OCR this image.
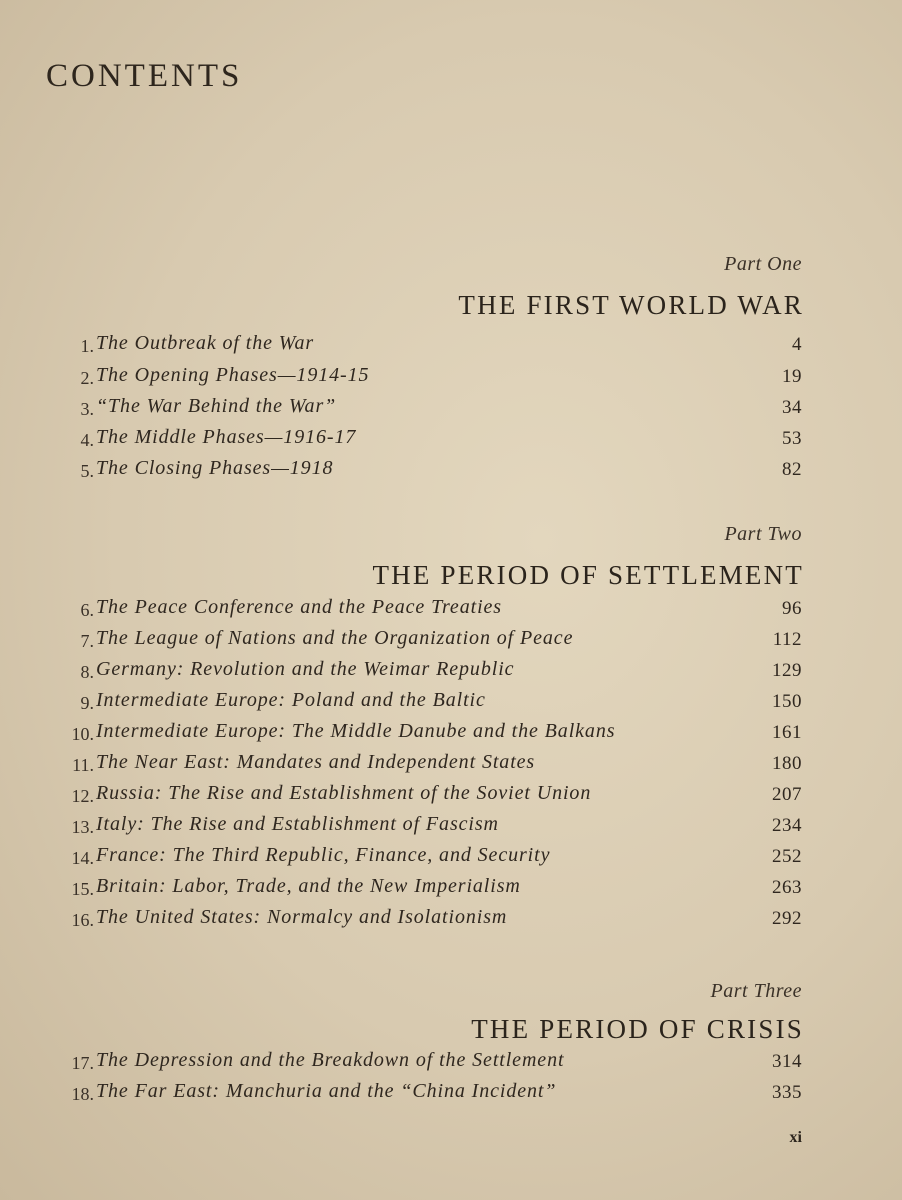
CONTENTS
Part One
THE FIRST WORLD WAR
1. The Outbreak of the War	4
2. The Opening Phases—1914-15	19
3. “The War Behind the War”	34
4. The Middle Phases—1916-17	53
5. The Closing Phases—1918	82
Part Two
THE PERIOD OF SETTLEMENT
6. The Peace Conference and the Peace Treaties	96
7. The League of Nations and the Organization of Peace	112
8. Germany: Revolution and the Weimar Republic	129
9. Intermediate Europe: Poland and the Baltic	150
10. Intermediate Europe: The Middle Danube and the Balkans	161
11. The Near East: Mandates and Independent States	180
12. Russia: The Rise and Establishment of the Soviet Union	207
13. Italy: The Rise and Establishment of Fascism	234
14. France: The Third Republic, Finance, and Security	252
15. Britain: Labor, Trade, and the New Imperialism	263
16. The United States: Normalcy and Isolationism	292
Part Three
THE PERIOD OF CRISIS
17. The Depression and the Breakdown of the Settlement	314
18. The Far East: Manchuria and the “China Incident”	335
xi
